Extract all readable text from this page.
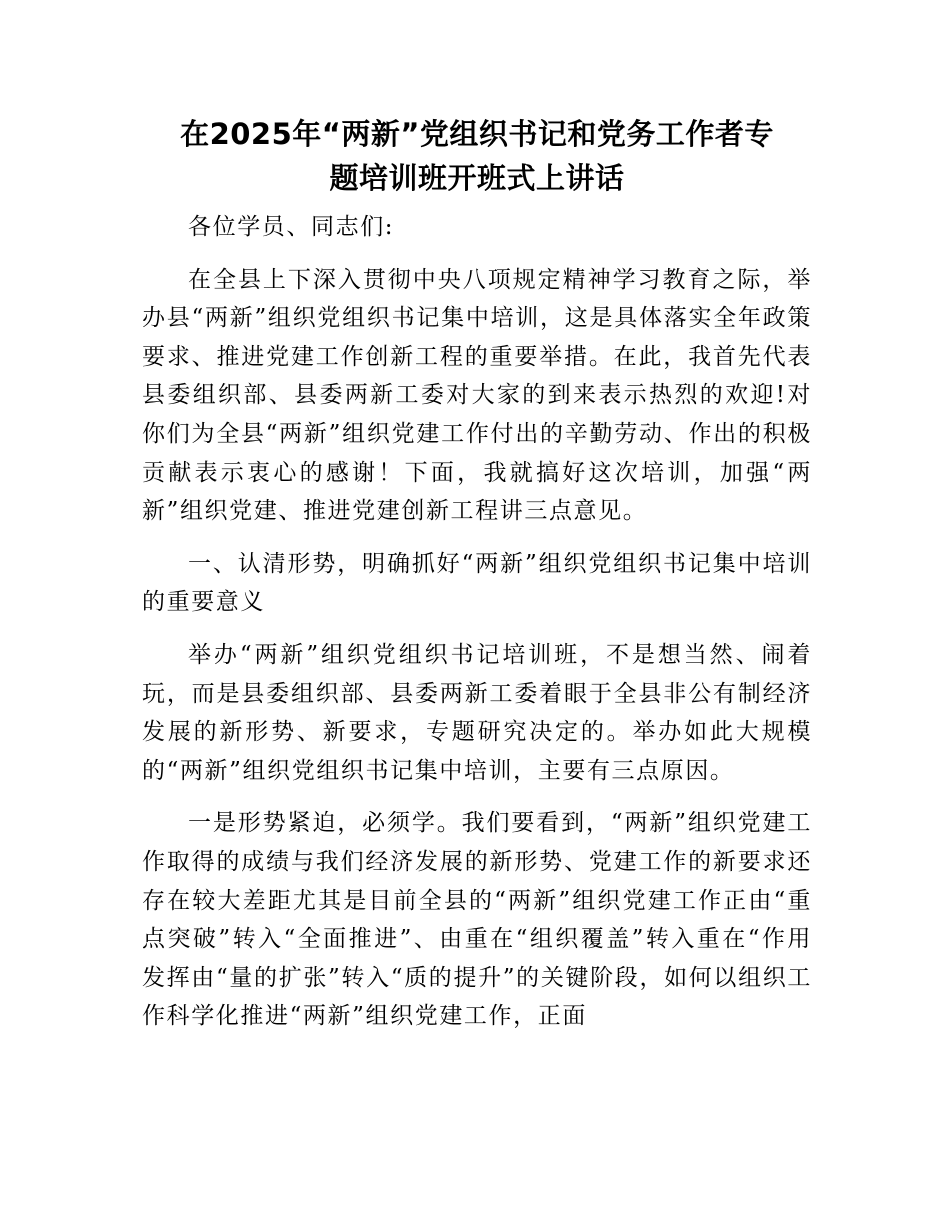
在2025年“两新”党组织书记和党务工作者专
题培训班开班式上讲话

各位学员、同志们:

在全县上下深入贯彻中央八项规定精神学习教育之际，举办县“两新”组织党组织书记集中培训，这是具体落实全年政策要求、推进党建工作创新工程的重要举措。在此，我首先代表县委组织部、县委两新工委对大家的到来表示热烈的欢迎!对你们为全县“两新”组织党建工作付出的辛勤劳动、作出的积极贡献表示衷心的感谢！下面，我就搞好这次培训，加强“两新”组织党建、推进党建创新工程讲三点意见。

一、认清形势，明确抓好“两新”组织党组织书记集中培训的重要意义

举办“两新”组织党组织书记培训班，不是想当然、闹着玩，而是县委组织部、县委两新工委着眼于全县非公有制经济发展的新形势、新要求，专题研究决定的。举办如此大规模的“两新”组织党组织书记集中培训，主要有三点原因。

一是形势紧迫，必须学。我们要看到，“两新”组织党建工作取得的成绩与我们经济发展的新形势、党建工作的新要求还存在较大差距尤其是目前全县的“两新”组织党建工作正由“重点突破”转入“全面推进”、由重在“组织覆盖”转入重在“作用发挥由“量的扩张”转入“质的提升”的关键阶段，如何以组织工作科学化推进“两新”组织党建工作，正面
